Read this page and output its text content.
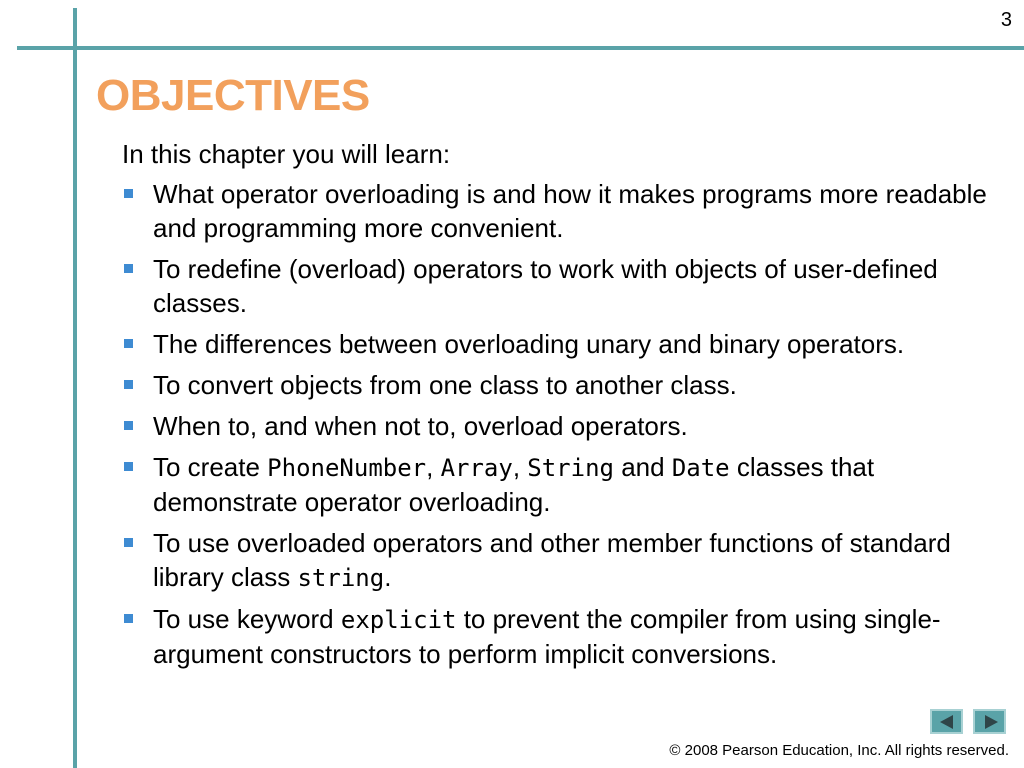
3
OBJECTIVES

In this chapter you will learn:

What operator overloading is and how it makes programs more readable and programming more convenient.
To redefine (overload) operators to work with objects of user-defined classes.
The differences between overloading unary and binary operators.
To convert objects from one class to another class.
When to, and when not to, overload operators.
To create PhoneNumber, Array, String and Date classes that demonstrate operator overloading.
To use overloaded operators and other member functions of standard library class string.
To use keyword explicit to prevent the compiler from using single-argument constructors to perform implicit conversions.
© 2008 Pearson Education, Inc. All rights reserved.
